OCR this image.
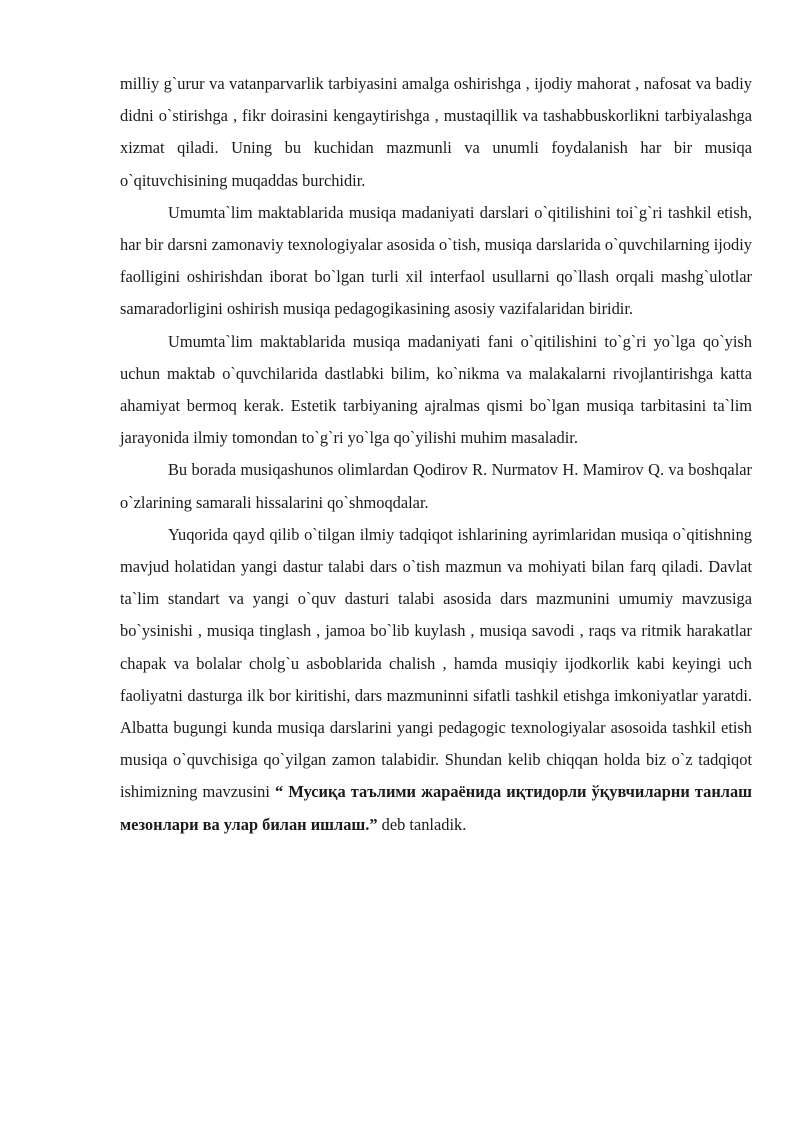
milliy g`urur va vatanparvarlik tarbiyasini amalga oshirishga , ijodiy mahorat , nafosat va badiy didni o`stirishga , fikr doirasini kengaytirishga , mustaqillik va tashabbuskorlikni tarbiyalashga xizmat qiladi. Uning bu kuchidan mazmunli va unumli foydalanish har bir musiqa o`qituvchisining muqaddas burchidir.

Umumta`lim maktablarida musiqa madaniyati darslari o`qitilishini toi`g`ri tashkil etish, har bir darsni zamonaviy texnologiyalar asosida o`tish, musiqa darslarida o`quvchilarning ijodiy faolligini oshirishdan iborat bo`lgan turli xil interfaol usullarni qo`llash orqali mashg`ulotlar samaradorligini oshirish musiqa pedagogikasining asosiy vazifalaridan biridir.

Umumta`lim maktablarida musiqa madaniyati fani o`qitilishini to`g`ri yo`lga qo`yish uchun maktab o`quvchilarida dastlabki bilim, ko`nikma va malakalarni rivojlantirishga katta ahamiyat bermoq kerak. Estetik tarbiyaning ajralmas qismi bo`lgan musiqa tarbitasini ta`lim jarayonida ilmiy tomondan to`g`ri yo`lga qo`yilishi muhim masaladir.

Bu borada musiqashunos olimlardan Qodirov R. Nurmatov H. Mamirov Q. va boshqalar o`zlarining samarali hissalarini qo`shmoqdalar.

Yuqorida qayd qilib o`tilgan ilmiy tadqiqot ishlarining ayrimlaridan musiqa o`qitishning mavjud holatidan yangi dastur talabi dars o`tish mazmun va mohiyati bilan farq qiladi. Davlat ta`lim standart va yangi o`quv dasturi talabi asosida dars mazmunini umumiy mavzusiga bo`ysinishi , musiqa tinglash , jamoa bo`lib kuylash , musiqa savodi , raqs va ritmik harakatlar chapak va bolalar cholg`u asboblarida chalish , hamda musiqiy ijodkorlik kabi keyingi uch faoliyatni dasturga ilk bor kiritishi, dars mazmuninni sifatli tashkil etishga imkoniyatlar yaratdi. Albatta bugungi kunda musiqa darslarini yangi pedagogic texnologiyalar asosoida tashkil etish musiqa o`quvchisiga qo`yilgan zamon talabidir. Shundan kelib chiqqan holda biz o`z tadqiqot ishimizning mavzusini “ Мусиқа таълими жараёнида иқтидорли ўқувчиларни танлаш мезонлари ва улар билан ишлаш.” deb tanladik.
